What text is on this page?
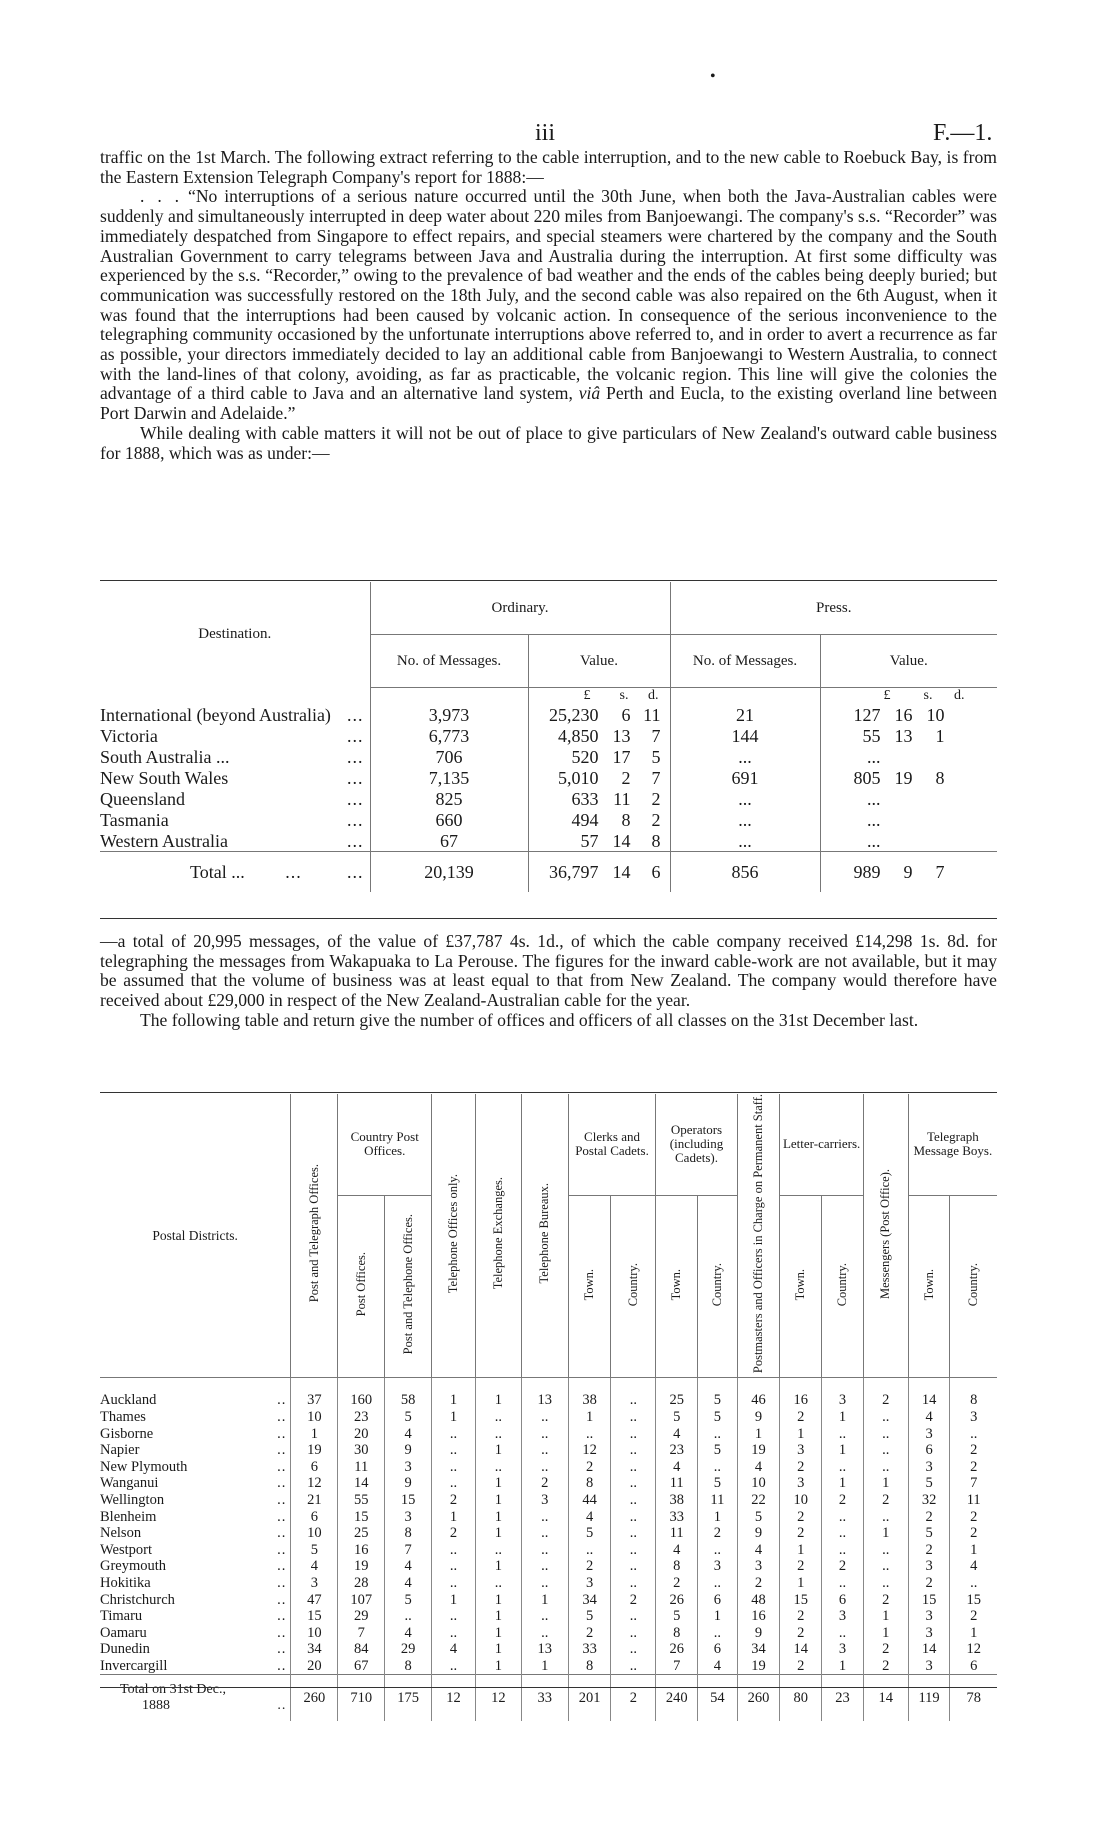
•
iii	F.—1.

traffic on the 1st March. The following extract referring to the cable interruption, and to the new cable to Roebuck Bay, is from the Eastern Extension Telegraph Company's report for 1888:—

. . . “No interruptions of a serious nature occurred until the 30th June, when both the Java-Australian cables were suddenly and simultaneously interrupted in deep water about 220 miles from Banjoewangi. The company's s.s. “Recorder” was immediately despatched from Singapore to effect repairs, and special steamers were chartered by the company and the South Australian Government to carry telegrams between Java and Australia during the interruption. At first some difficulty was experienced by the s.s. “Recorder,” owing to the prevalence of bad weather and the ends of the cables being deeply buried; but communication was successfully restored on the 18th July, and the second cable was also repaired on the 6th August, when it was found that the interruptions had been caused by volcanic action. In consequence of the serious inconvenience to the telegraphing community occasioned by the unfortunate interruptions above referred to, and in order to avert a recurrence as far as possible, your directors immediately decided to lay an additional cable from Banjoewangi to Western Australia, to connect with the land-lines of that colony, avoiding, as far as practicable, the volcanic region. This line will give the colonies the advantage of a third cable to Java and an alternative land system, viâ Perth and Eucla, to the existing overland line between Port Darwin and Adelaide.”

While dealing with cable matters it will not be out of place to give particulars of New Zealand's outward cable business for 1888, which was as under:—

Destination.	Ordinary.		Press.	
	No. of Messages.	Value.	No. of Messages.	Value.
		£ s. d.		£ s. d.
International (beyond Australia) ...	3,973	25,230 6 11	21	127 16 10
Victoria ...	6,773	4,850 13 7	144	55 13 1
South Australia ... ...	706	520 17 5	...	...
New South Wales ...	7,135	5,010 2 7	691	805 19 8
Queensland ...	825	633 11 2	...	...
Tasmania ...	660	494 8 2	...	...
Western Australia ...	67	57 14 8	...	...
Total ... ... ...	20,139	36,797 14 6	856	989 9 7

—a total of 20,995 messages, of the value of £37,787 4s. 1d., of which the cable company received £14,298 1s. 8d. for telegraphing the messages from Wakapuaka to La Perouse. The figures for the inward cable-work are not available, but it may be assumed that the volume of business was at least equal to that from New Zealand. The company would therefore have received about £29,000 in respect of the New Zealand-Australian cable for the year.

The following table and return give the number of offices and officers of all classes on the 31st December last.

Postal Districts.	Post and Telegraph Offices.	Country Post Offices.		Telephone Offices only.	Telephone Exchanges.	Telephone Bureaux.	Clerks and Postal Cadets.		Operators (including Cadets).		Postmasters and Officers in Charge on Permanent Staff.	Letter-carriers.		Messengers (Post Office).	Telegraph Message Boys.	
		Post Offices.	Post and Telephone Offices.				Town.	Country.	Town.	Country.		Town.	Country.		Town.	Country.
Auckland ..	37	160	58	1	1	13	38	..	25	5	46	16	3	2	14	8
Thames ..	10	23	5	1	..	..	1	..	5	5	9	2	1	..	4	3
Gisborne ..	1	20	4	..	..	..	..	..	4	..	1	1	..	..	3	..
Napier ..	19	30	9	..	1	..	12	..	23	5	19	3	1	..	6	2
New Plymouth ..	6	11	3	..	..	..	2	..	4	..	4	2	..	..	3	2
Wanganui ..	12	14	9	..	1	2	8	..	11	5	10	3	1	1	5	7
Wellington ..	21	55	15	2	1	3	44	..	38	11	22	10	2	2	32	11
Blenheim ..	6	15	3	1	1	..	4	..	33	1	5	2	..	..	2	2
Nelson ..	10	25	8	2	1	..	5	..	11	2	9	2	..	1	5	2
Westport ..	5	16	7	..	..	..	..	..	4	..	4	1	..	..	2	1
Greymouth ..	4	19	4	..	1	..	2	..	8	3	3	2	2	..	3	4
Hokitika ..	3	28	4	..	..	..	3	..	2	..	2	1	..	..	2	..
Christchurch ..	47	107	5	1	1	1	34	2	26	6	48	15	6	2	15	15
Timaru ..	15	29	..	..	1	..	5	..	5	1	16	2	3	1	3	2
Oamaru ..	10	7	4	..	1	..	2	..	8	..	9	2	..	1	3	1
Dunedin ..	34	84	29	4	1	13	33	..	26	6	34	14	3	2	14	12
Invercargill ..	20	67	8	..	1	1	8	..	7	4	19	2	1	2	3	6
Total on 31st Dec.,
1888 ..	260	710	175	12	12	33	201	2	240	54	260	80	23	14	119	78
